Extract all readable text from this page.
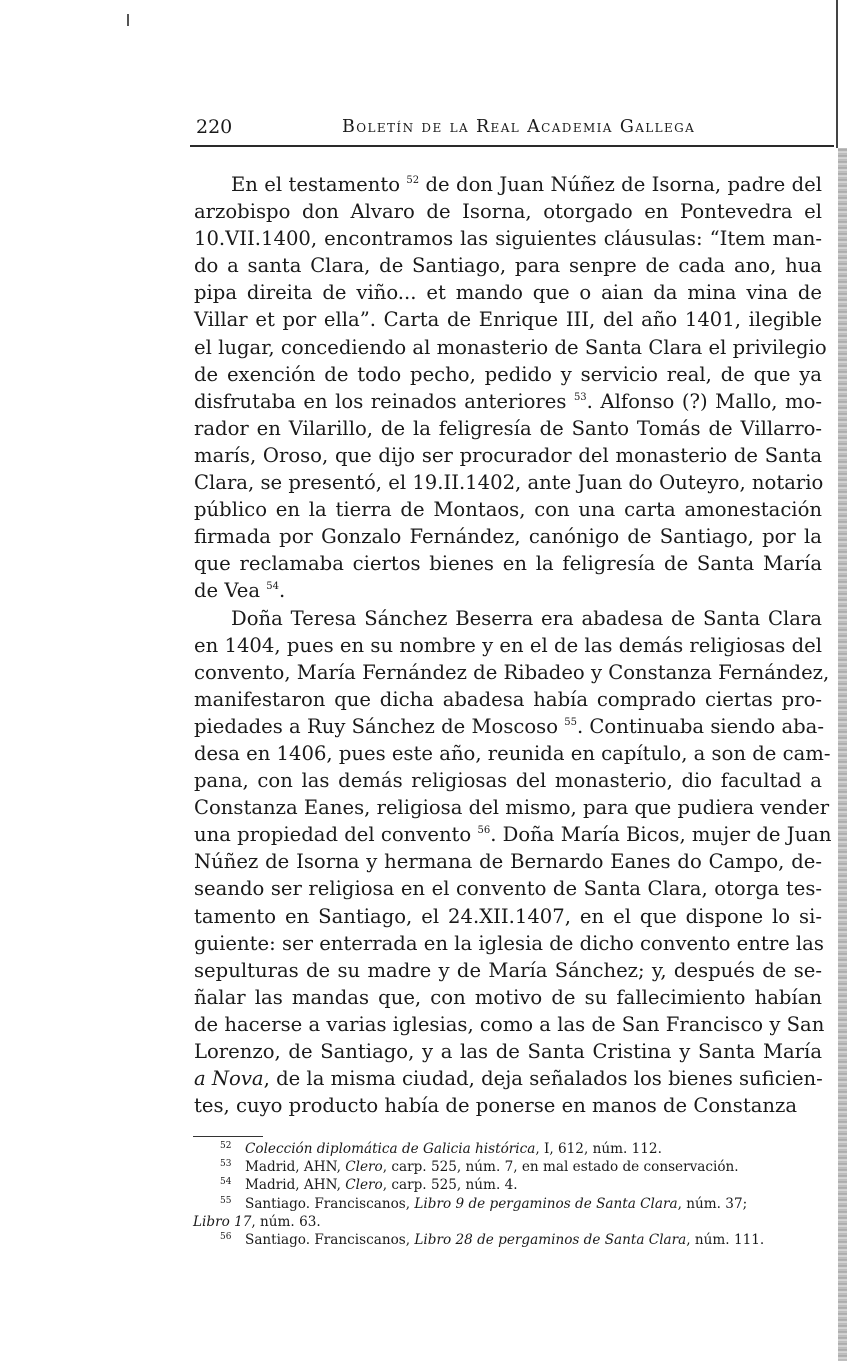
220	Boletín de la Real Academia Gallega

En el testamento $^{52}$ de don Juan Núñez de Isorna, padre del
arzobispo don Alvaro de Isorna, otorgado en Pontevedra el
10.VII.1400, encontramos las siguientes cláusulas: “Item man-
do a santa Clara, de Santiago, para senpre de cada ano, hua
pipa direita de viño... et mando que o aian da mina vina de
Villar et por ella”. Carta de Enrique III, del año 1401, ilegible
el lugar, concediendo al monasterio de Santa Clara el privilegio
de exención de todo pecho, pedido y servicio real, de que ya
disfrutaba en los reinados anteriores $^{53}$. Alfonso (?) Mallo, mo-
rador en Vilarillo, de la feligresía de Santo Tomás de Villarro-
marís, Oroso, que dijo ser procurador del monasterio de Santa
Clara, se presentó, el 19.II.1402, ante Juan do Outeyro, notario
público en la tierra de Montaos, con una carta amonestación
firmada por Gonzalo Fernández, canónigo de Santiago, por la
que reclamaba ciertos bienes en la feligresía de Santa María
de Vea $^{54}$.

Doña Teresa Sánchez Beserra era abadesa de Santa Clara
en 1404, pues en su nombre y en el de las demás religiosas del
convento, María Fernández de Ribadeo y Constanza Fernández,
manifestaron que dicha abadesa había comprado ciertas pro-
piedades a Ruy Sánchez de Moscoso $^{55}$. Continuaba siendo aba-
desa en 1406, pues este año, reunida en capítulo, a son de cam-
pana, con las demás religiosas del monasterio, dio facultad a
Constanza Eanes, religiosa del mismo, para que pudiera vender
una propiedad del convento $^{56}$. Doña María Bicos, mujer de Juan
Núñez de Isorna y hermana de Bernardo Eanes do Campo, de-
seando ser religiosa en el convento de Santa Clara, otorga tes-
tamento en Santiago, el 24.XII.1407, en el que dispone lo si-
guiente: ser enterrada en la iglesia de dicho convento entre las
sepulturas de su madre y de María Sánchez; y, después de se-
ñalar las mandas que, con motivo de su fallecimiento habían
de hacerse a varias iglesias, como a las de San Francisco y San
Lorenzo, de Santiago, y a las de Santa Cristina y Santa María
a Nova, de la misma ciudad, deja señalados los bienes suficien-
tes, cuyo producto había de ponerse en manos de Constanza

52 Colección diplomática de Galicia histórica, I, 612, núm. 112.
53 Madrid, AHN, Clero, carp. 525, núm. 7, en mal estado de conservación.
54 Madrid, AHN, Clero, carp. 525, núm. 4.
55 Santiago. Franciscanos, Libro 9 de pergaminos de Santa Clara, núm. 37;
Libro 17, núm. 63.
56 Santiago. Franciscanos, Libro 28 de pergaminos de Santa Clara, núm. 111.
